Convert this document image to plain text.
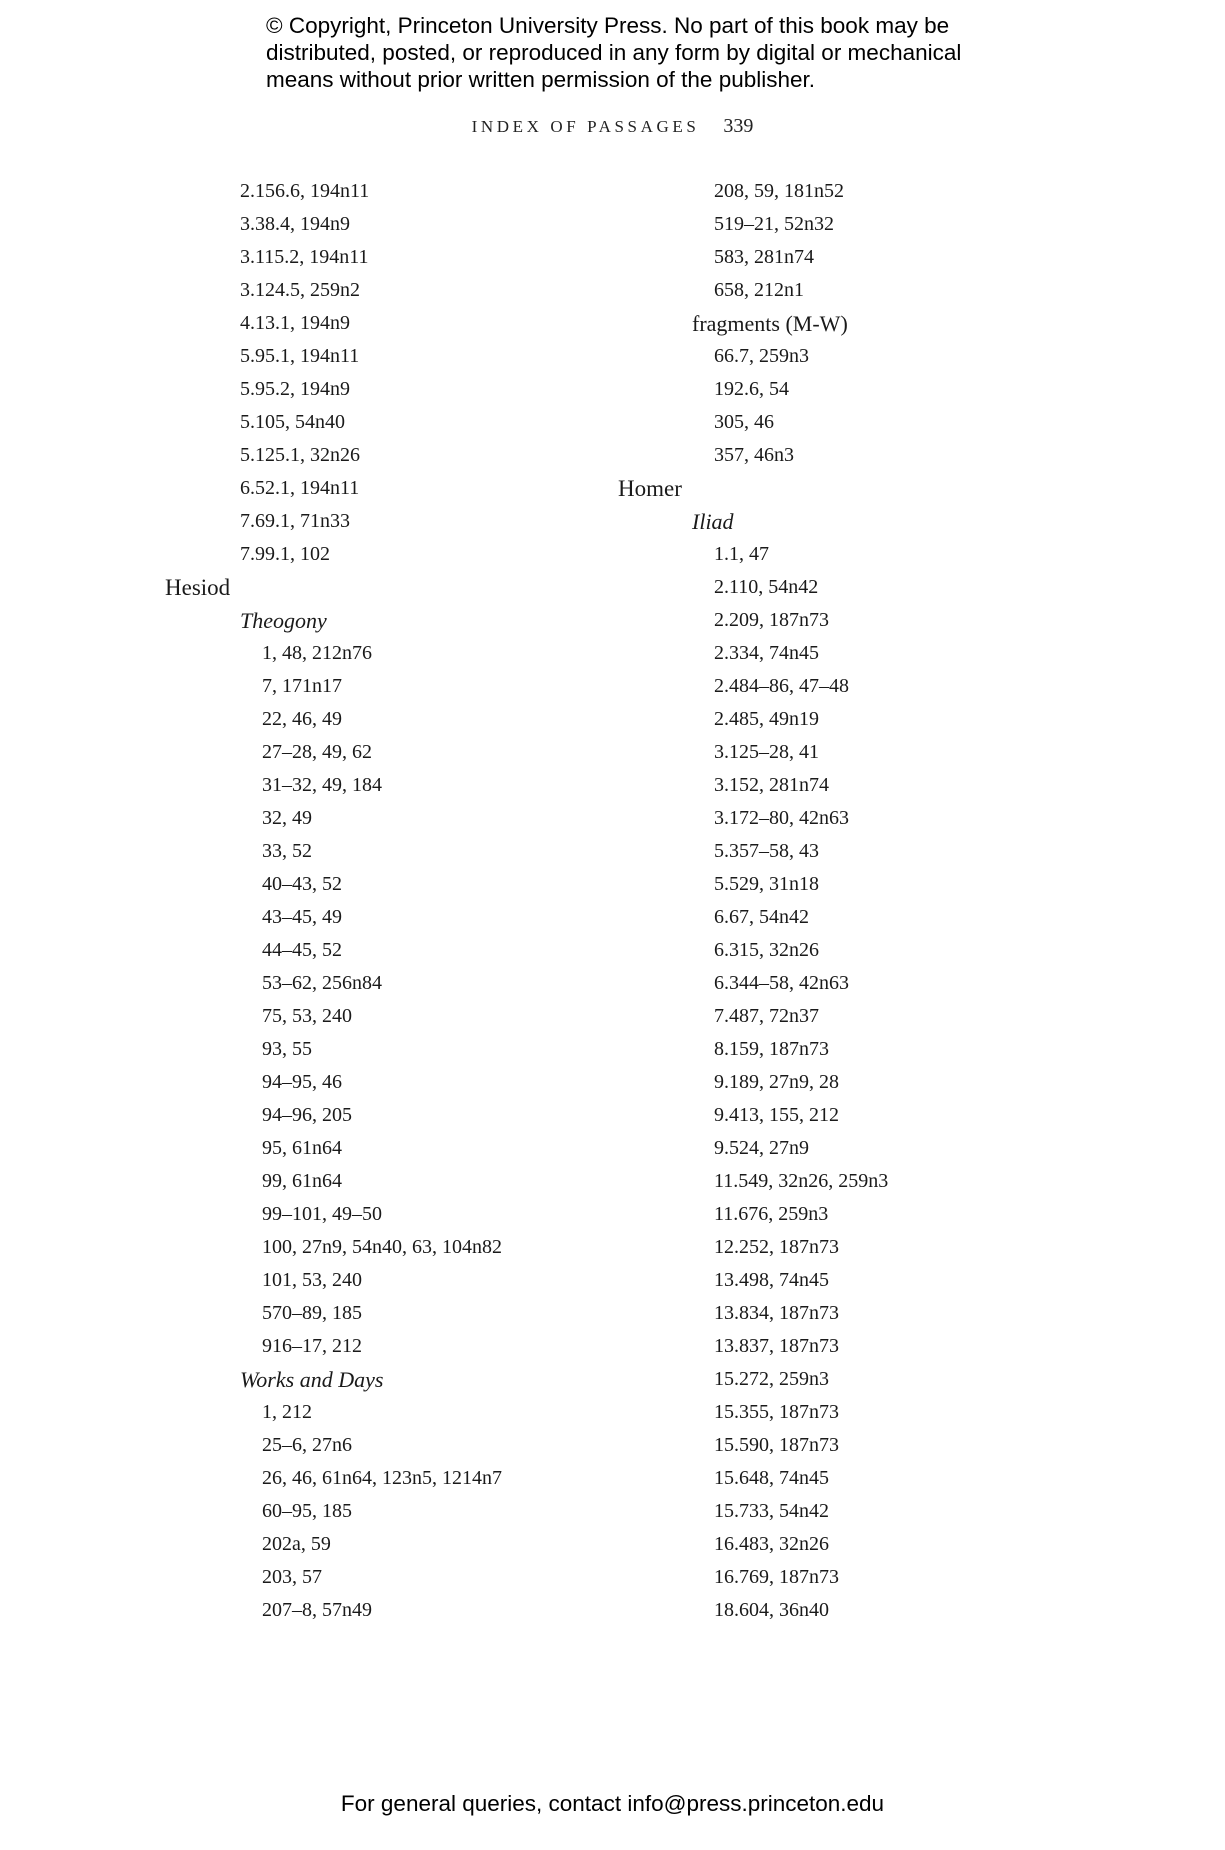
© Copyright, Princeton University Press. No part of this book may be
distributed, posted, or reproduced in any form by digital or mechanical
means without prior written permission of the publisher.
INDEX OF PASSAGES 339
2.156.6, 194n11
3.38.4, 194n9
3.115.2, 194n11
3.124.5, 259n2
4.13.1, 194n9
5.95.1, 194n11
5.95.2, 194n9
5.105, 54n40
5.125.1, 32n26
6.52.1, 194n11
7.69.1, 71n33
7.99.1, 102
Hesiod
Theogony
1, 48, 212n76
7, 171n17
22, 46, 49
27–28, 49, 62
31–32, 49, 184
32, 49
33, 52
40–43, 52
43–45, 49
44–45, 52
53–62, 256n84
75, 53, 240
93, 55
94–95, 46
94–96, 205
95, 61n64
99, 61n64
99–101, 49–50
100, 27n9, 54n40, 63, 104n82
101, 53, 240
570–89, 185
916–17, 212
Works and Days
1, 212
25–6, 27n6
26, 46, 61n64, 123n5, 1214n7
60–95, 185
202a, 59
203, 57
207–8, 57n49
208, 59, 181n52
519–21, 52n32
583, 281n74
658, 212n1
fragments (M-W)
66.7, 259n3
192.6, 54
305, 46
357, 46n3
Homer
Iliad
1.1, 47
2.110, 54n42
2.209, 187n73
2.334, 74n45
2.484–86, 47–48
2.485, 49n19
3.125–28, 41
3.152, 281n74
3.172–80, 42n63
5.357–58, 43
5.529, 31n18
6.67, 54n42
6.315, 32n26
6.344–58, 42n63
7.487, 72n37
8.159, 187n73
9.189, 27n9, 28
9.413, 155, 212
9.524, 27n9
11.549, 32n26, 259n3
11.676, 259n3
12.252, 187n73
13.498, 74n45
13.834, 187n73
13.837, 187n73
15.272, 259n3
15.355, 187n73
15.590, 187n73
15.648, 74n45
15.733, 54n42
16.483, 32n26
16.769, 187n73
18.604, 36n40
For general queries, contact info@press.princeton.edu
